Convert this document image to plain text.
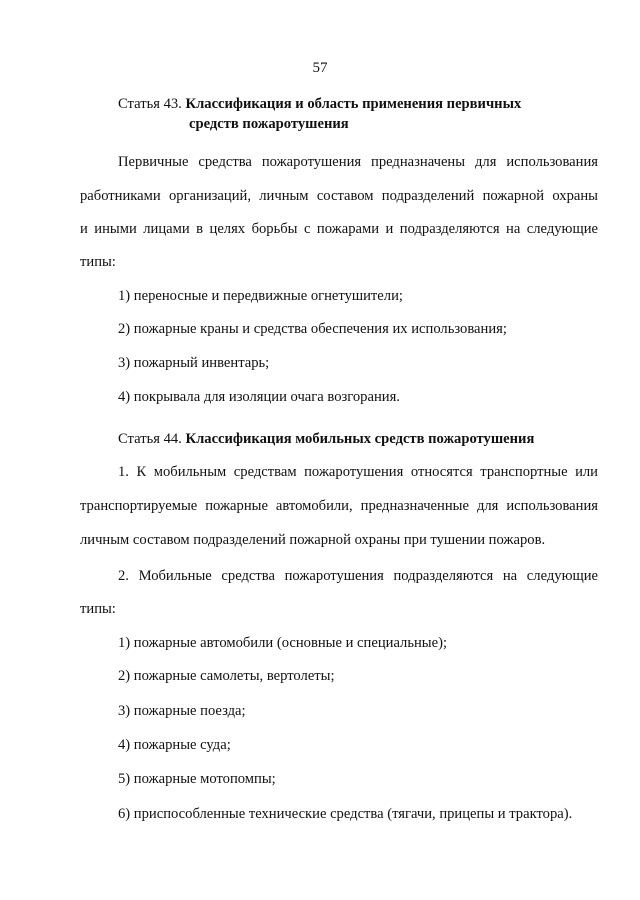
57
Статья 43. Классификация и область применения первичных
средств пожаротушения
Первичные средства пожаротушения предназначены для использования
работниками организаций, личным составом подразделений пожарной охраны
и иными лицами в целях борьбы с пожарами и подразделяются на следующие
типы:
1) переносные и передвижные огнетушители;
2) пожарные краны и средства обеспечения их использования;
3) пожарный инвентарь;
4) покрывала для изоляции очага возгорания.
Статья 44. Классификация мобильных средств пожаротушения
1. К мобильным средствам пожаротушения относятся транспортные или
транспортируемые пожарные автомобили, предназначенные для использования
личным составом подразделений пожарной охраны при тушении пожаров.
2. Мобильные средства пожаротушения подразделяются на следующие
типы:
1) пожарные автомобили (основные и специальные);
2) пожарные самолеты, вертолеты;
3) пожарные поезда;
4) пожарные суда;
5) пожарные мотопомпы;
6) приспособленные технические средства (тягачи, прицепы и трактора).
